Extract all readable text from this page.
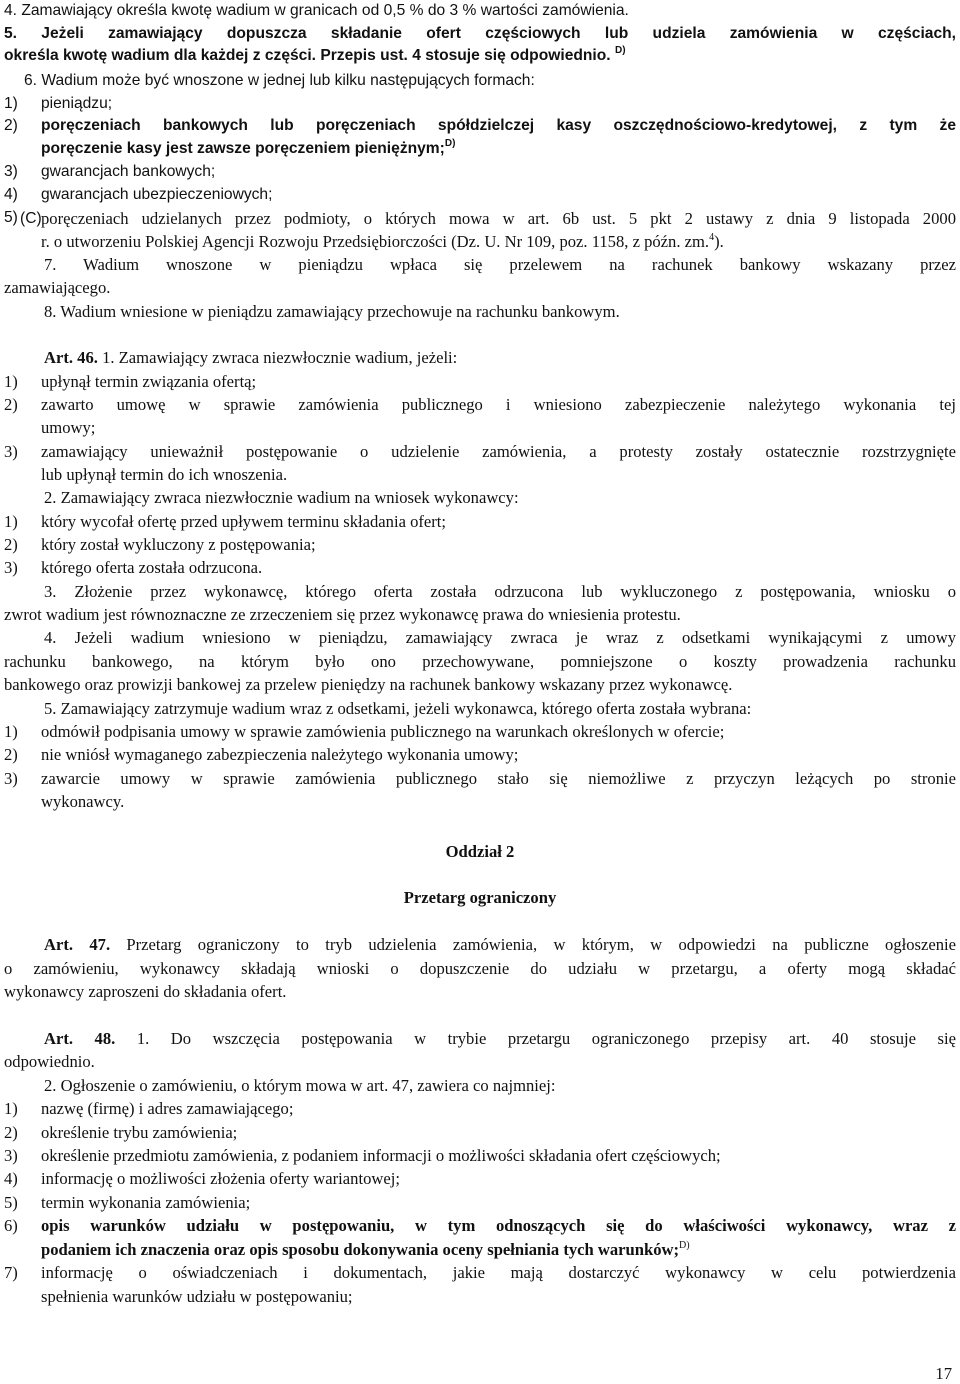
4. Zamawiający określa kwotę wadium w granicach od 0,5 % do 3 % wartości zamówienia.
5. Jeżeli zamawiający dopuszcza składanie ofert częściowych lub udziela zamówienia w częściach,
określa kwotę wadium dla każdej z części. Przepis ust. 4 stosuje się odpowiednio. $^{D)}$
6. Wadium może być wnoszone w jednej lub kilku następujących formach:
1) pieniądzu;
2) poręczeniach bankowych lub poręczeniach spółdzielczej kasy oszczędnościowo-kredytowej, z tym że
poręczenie kasy jest zawsze poręczeniem pieniężnym;$^{D)}$
3) gwarancjach bankowych;
4) gwarancjach ubezpieczeniowych;
5) (C) poręczeniach udzielanych przez podmioty, o których mowa w art. 6b ust. 5 pkt 2 ustawy z dnia 9 listopada 2000
r. o utworzeniu Polskiej Agencji Rozwoju Przedsiębiorczości (Dz. U. Nr 109, poz. 1158, z późn. zm.$^4$).
7. Wadium wnoszone w pieniądzu wpłaca się przelewem na rachunek bankowy wskazany przez
zamawiającego.
8. Wadium wniesione w pieniądzu zamawiający przechowuje na rachunku bankowym.
Art. 46. 1. Zamawiający zwraca niezwłocznie wadium, jeżeli:
1) upłynął termin związania ofertą;
2) zawarto umowę w sprawie zamówienia publicznego i wniesiono zabezpieczenie należytego wykonania tej
umowy;
3) zamawiający unieważnił postępowanie o udzielenie zamówienia, a protesty zostały ostatecznie rozstrzygnięte
lub upłynął termin do ich wnoszenia.
2. Zamawiający zwraca niezwłocznie wadium na wniosek wykonawcy:
1) który wycofał ofertę przed upływem terminu składania ofert;
2) który został wykluczony z postępowania;
3) którego oferta została odrzucona.
3. Złożenie przez wykonawcę, którego oferta została odrzucona lub wykluczonego z postępowania, wniosku o
zwrot wadium jest równoznaczne ze zrzeczeniem się przez wykonawcę prawa do wniesienia protestu.
4. Jeżeli wadium wniesiono w pieniądzu, zamawiający zwraca je wraz z odsetkami wynikającymi z umowy
rachunku bankowego, na którym było ono przechowywane, pomniejszone o koszty prowadzenia rachunku
bankowego oraz prowizji bankowej za przelew pieniędzy na rachunek bankowy wskazany przez wykonawcę.
5. Zamawiający zatrzymuje wadium wraz z odsetkami, jeżeli wykonawca, którego oferta została wybrana:
1) odmówił podpisania umowy w sprawie zamówienia publicznego na warunkach określonych w ofercie;
2) nie wniósł wymaganego zabezpieczenia należytego wykonania umowy;
3) zawarcie umowy w sprawie zamówienia publicznego stało się niemożliwe z przyczyn leżących po stronie
wykonawcy.
Oddział 2
Przetarg ograniczony
Art. 47. Przetarg ograniczony to tryb udzielenia zamówienia, w którym, w odpowiedzi na publiczne ogłoszenie
o zamówieniu, wykonawcy składają wnioski o dopuszczenie do udziału w przetargu, a oferty mogą składać
wykonawcy zaproszeni do składania ofert.
Art. 48. 1. Do wszczęcia postępowania w trybie przetargu ograniczonego przepisy art. 40 stosuje się
odpowiednio.
2. Ogłoszenie o zamówieniu, o którym mowa w art. 47, zawiera co najmniej:
1) nazwę (firmę) i adres zamawiającego;
2) określenie trybu zamówienia;
3) określenie przedmiotu zamówienia, z podaniem informacji o możliwości składania ofert częściowych;
4) informację o możliwości złożenia oferty wariantowej;
5) termin wykonania zamówienia;
6) opis warunków udziału w postępowaniu, w tym odnoszących się do właściwości wykonawcy, wraz z
podaniem ich znaczenia oraz opis sposobu dokonywania oceny spełniania tych warunków;$^{D)}$
7) informację o oświadczeniach i dokumentach, jakie mają dostarczyć wykonawcy w celu potwierdzenia
spełnienia warunków udziału w postępowaniu;
17
